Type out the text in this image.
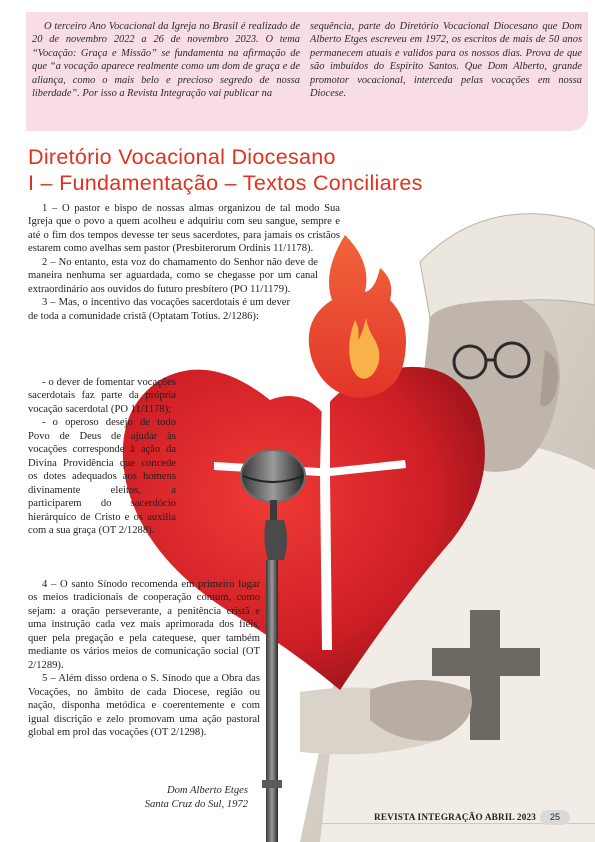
O terceiro Ano Vocacional da Igreja no Brasil é realizado de 20 de novembro 2022 a 26 de novembro 2023. O tema “Vocação: Graça e Missão” se fundamenta na afirmação de que “a vocação aparece realmente como um dom de graça e de aliança, como o mais belo e precioso segredo de nossa liberdade”. Por isso a Revista Integração vai publicar na
sequência, parte do Diretório Vocacional Diocesano que Dom Alberto Etges escreveu em 1972, os escritos de mais de 50 anos permanecem atuais e validos para os nossos dias. Prova de que são imbuídos do Espírito Santos. Que Dom Alberto, grande promotor vocacional, interceda pelas vocações em nossa Diocese.
Diretório Vocacional Diocesano
I – Fundamentação – Textos Conciliares

1 – O pastor e bispo de nossas almas organizou de tal modo Sua Igreja que o povo a quem acolheu e adquiriu com seu sangue, sempre e até o fim dos tempos devesse ter seus sacerdotes, para jamais os cristãos estarem como avelhas sem pastor (Presbiterorum Ordinis 11/1178).

2 – No entanto, esta voz do chamamento do Senhor não deve de maneira nenhuma ser aguardada, como se chegasse por um canal extraordinário aos ouvidos do futuro presbítero (PO 11/1179).

3 – Mas, o incentivo das vocações sacerdotais é um dever de toda a comunidade cristã (Optatam Totius. 2/1286):

- o dever de fomentar vocações sacerdotais faz parte da própria vocação sacerdotal (PO 11/1178);

- o operoso desejo de todo Povo de Deus de ajudar às vocações corresponde à ação da Divina Providência que concede os dotes adequados aos homens divinamente eleitos, a participarem do sacerdócio hierárquico de Cristo e os auxilia com a sua graça (OT 2/1288).

4 – O santo Sínodo recomenda em primeiro lugar os meios tradicionais de cooperação comum, como sejam: a oração perseverante, a penitência cristã e uma instrução cada vez mais aprimorada dos fiéis, quer pela pregação e pela catequese, quer também mediante os vários meios de comunicação social (OT 2/1289).

5 – Além disso ordena o S. Sínodo que a Obra das Vocações, no âmbito de cada Diocese, região ou nação, disponha metódica e coerentemente e com igual discrição e zelo promovam uma ação pastoral global em prol das vocações (OT 2/1298).

Dom Alberto Etges
Santa Cruz do Sul, 1972
REVISTA INTEGRAÇÃO ABRIL 2023	25
